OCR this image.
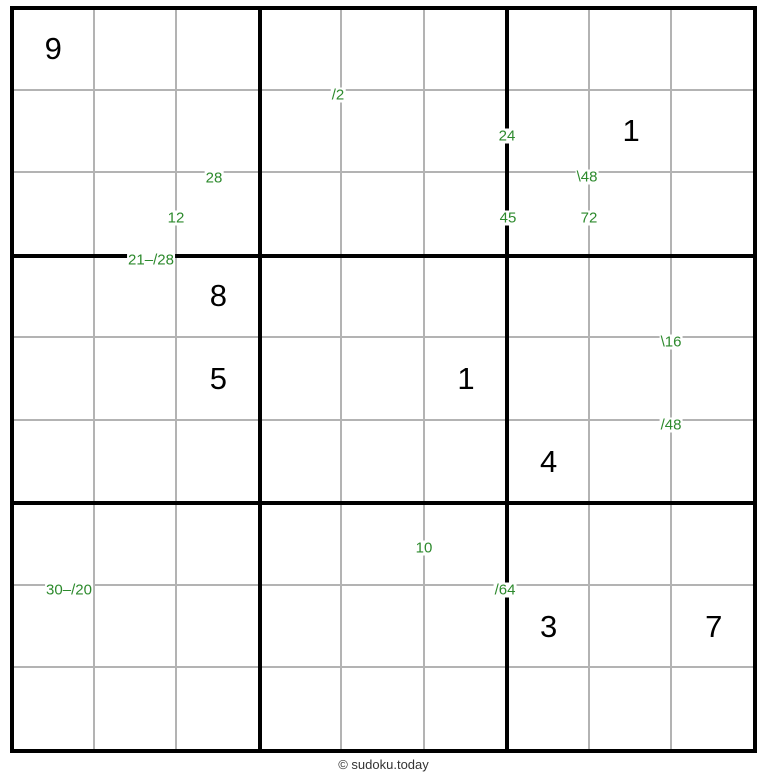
9
1
8
5	1
4
3	7
© sudoku.today
/2
24
28	\48
12	45	72
21–/28
\16
/48
10
30–/20	/64
